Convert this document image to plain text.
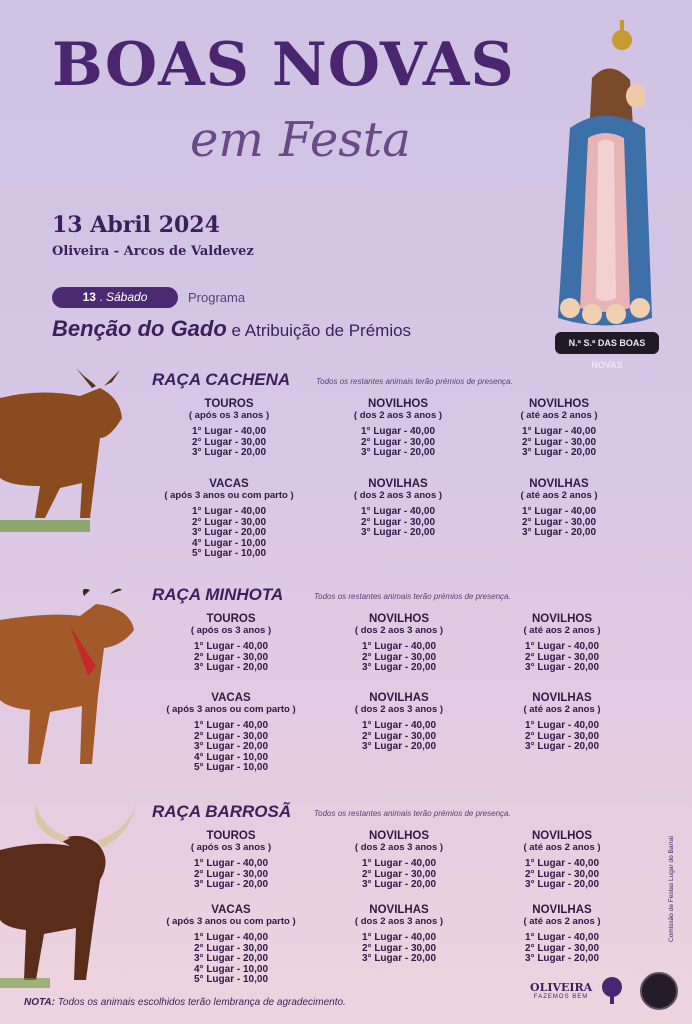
BOAS NOVAS
em Festa
13 Abril 2024
Oliveira - Arcos de Valdevez
13 . Sábado	Programa
Benção do Gado e Atribuição de Prémios
N.ª S.ª DAS BOAS NOVAS
RAÇA CACHENA	Todos os restantes animais terão prémios de presença.
TOUROS
( após os 3 anos )
1° Lugar - 40,00
2° Lugar - 30,00
3° Lugar - 20,00
NOVILHOS
( dos 2 aos 3 anos )
1° Lugar - 40,00
2° Lugar - 30,00
3° Lugar - 20,00
NOVILHOS
( até aos 2 anos )
1° Lugar - 40,00
2° Lugar - 30,00
3° Lugar - 20,00
VACAS
( após 3 anos ou com parto )
1° Lugar - 40,00
2° Lugar - 30,00
3° Lugar - 20,00
4° Lugar - 10,00
5° Lugar - 10,00
NOVILHAS
( dos 2 aos 3 anos )
1° Lugar - 40,00
2° Lugar - 30,00
3° Lugar - 20,00
NOVILHAS
( até aos 2 anos )
1° Lugar - 40,00
2° Lugar - 30,00
3° Lugar - 20,00
RAÇA MINHOTA	Todos os restantes animais terão prémios de presença.
TOUROS
( após os 3 anos )
1° Lugar - 40,00
2° Lugar - 30,00
3° Lugar - 20,00
NOVILHOS
( dos 2 aos 3 anos )
1° Lugar - 40,00
2° Lugar - 30,00
3° Lugar - 20,00
NOVILHOS
( até aos 2 anos )
1° Lugar - 40,00
2° Lugar - 30,00
3° Lugar - 20,00
VACAS
( após 3 anos ou com parto )
1° Lugar - 40,00
2° Lugar - 30,00
3° Lugar - 20,00
4° Lugar - 10,00
5° Lugar - 10,00
NOVILHAS
( dos 2 aos 3 anos )
1° Lugar - 40,00
2° Lugar - 30,00
3° Lugar - 20,00
NOVILHAS
( até aos 2 anos )
1° Lugar - 40,00
2° Lugar - 30,00
3° Lugar - 20,00
RAÇA BARROSÃ	Todos os restantes animais terão prémios de presença.
TOUROS
( após os 3 anos )
1° Lugar - 40,00
2° Lugar - 30,00
3° Lugar - 20,00
NOVILHOS
( dos 2 aos 3 anos )
1° Lugar - 40,00
2° Lugar - 30,00
3° Lugar - 20,00
NOVILHOS
( até aos 2 anos )
1° Lugar - 40,00
2° Lugar - 30,00
3° Lugar - 20,00
VACAS
( após 3 anos ou com parto )
1° Lugar - 40,00
2° Lugar - 30,00
3° Lugar - 20,00
4° Lugar - 10,00
5° Lugar - 10,00
NOVILHAS
( dos 2 aos 3 anos )
1° Lugar - 40,00
2° Lugar - 30,00
3° Lugar - 20,00
NOVILHAS
( até aos 2 anos )
1° Lugar - 40,00
2° Lugar - 30,00
3° Lugar - 20,00
NOTA: Todos os animais escolhidos terão lembrança de agradecimento.
Comissão de Festas Lugar do Barral
OLIVEIRA
FAZEMOS BEM
